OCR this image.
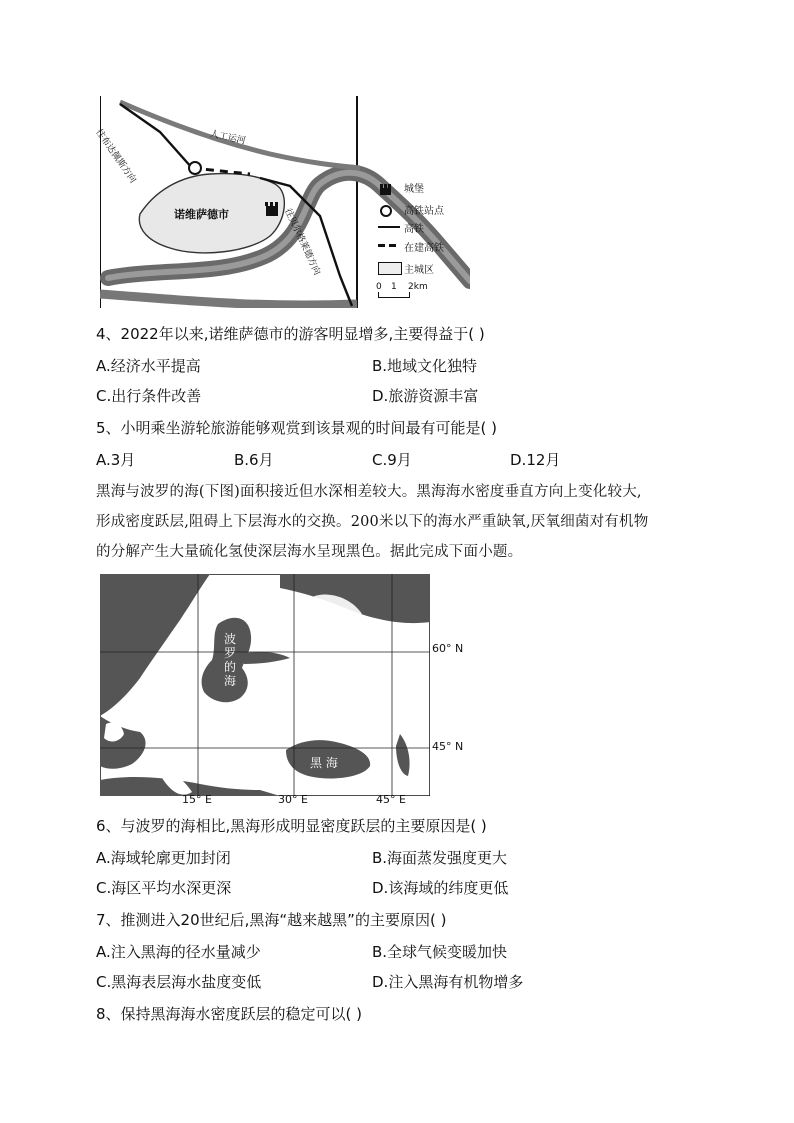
诺维萨德市
人工运河
往布达佩斯方向
往贝尔格莱德方向
城堡
高铁站点
高铁
在建高铁
主城区
0 1 2km
4、2022年以来,诺维萨德市的游客明显增多,主要得益于( )
A.经济水平提高	B.地域文化独特
C.出行条件改善	D.旅游资源丰富
5、小明乘坐游轮旅游能够观赏到该景观的时间最有可能是( )
A.3月	B.6月	C.9月	D.12月
黑海与波罗的海(下图)面积接近但水深相差较大。黑海海水密度垂直方向上变化较大,
形成密度跃层,阻碍上下层海水的交换。200米以下的海水严重缺氧,厌氧细菌对有机物
的分解产生大量硫化氢使深层海水呈现黑色。据此完成下面小题。
波
罗
的
海
黑 海
60° N
45° N
15° E	30° E	45° E
6、与波罗的海相比,黑海形成明显密度跃层的主要原因是( )
A.海域轮廓更加封闭	B.海面蒸发强度更大
C.海区平均水深更深	D.该海域的纬度更低
7、推测进入20世纪后,黑海“越来越黑”的主要原因( )
A.注入黑海的径水量减少	B.全球气候变暖加快
C.黑海表层海水盐度变低	D.注入黑海有机物增多
8、保持黑海海水密度跃层的稳定可以( )
